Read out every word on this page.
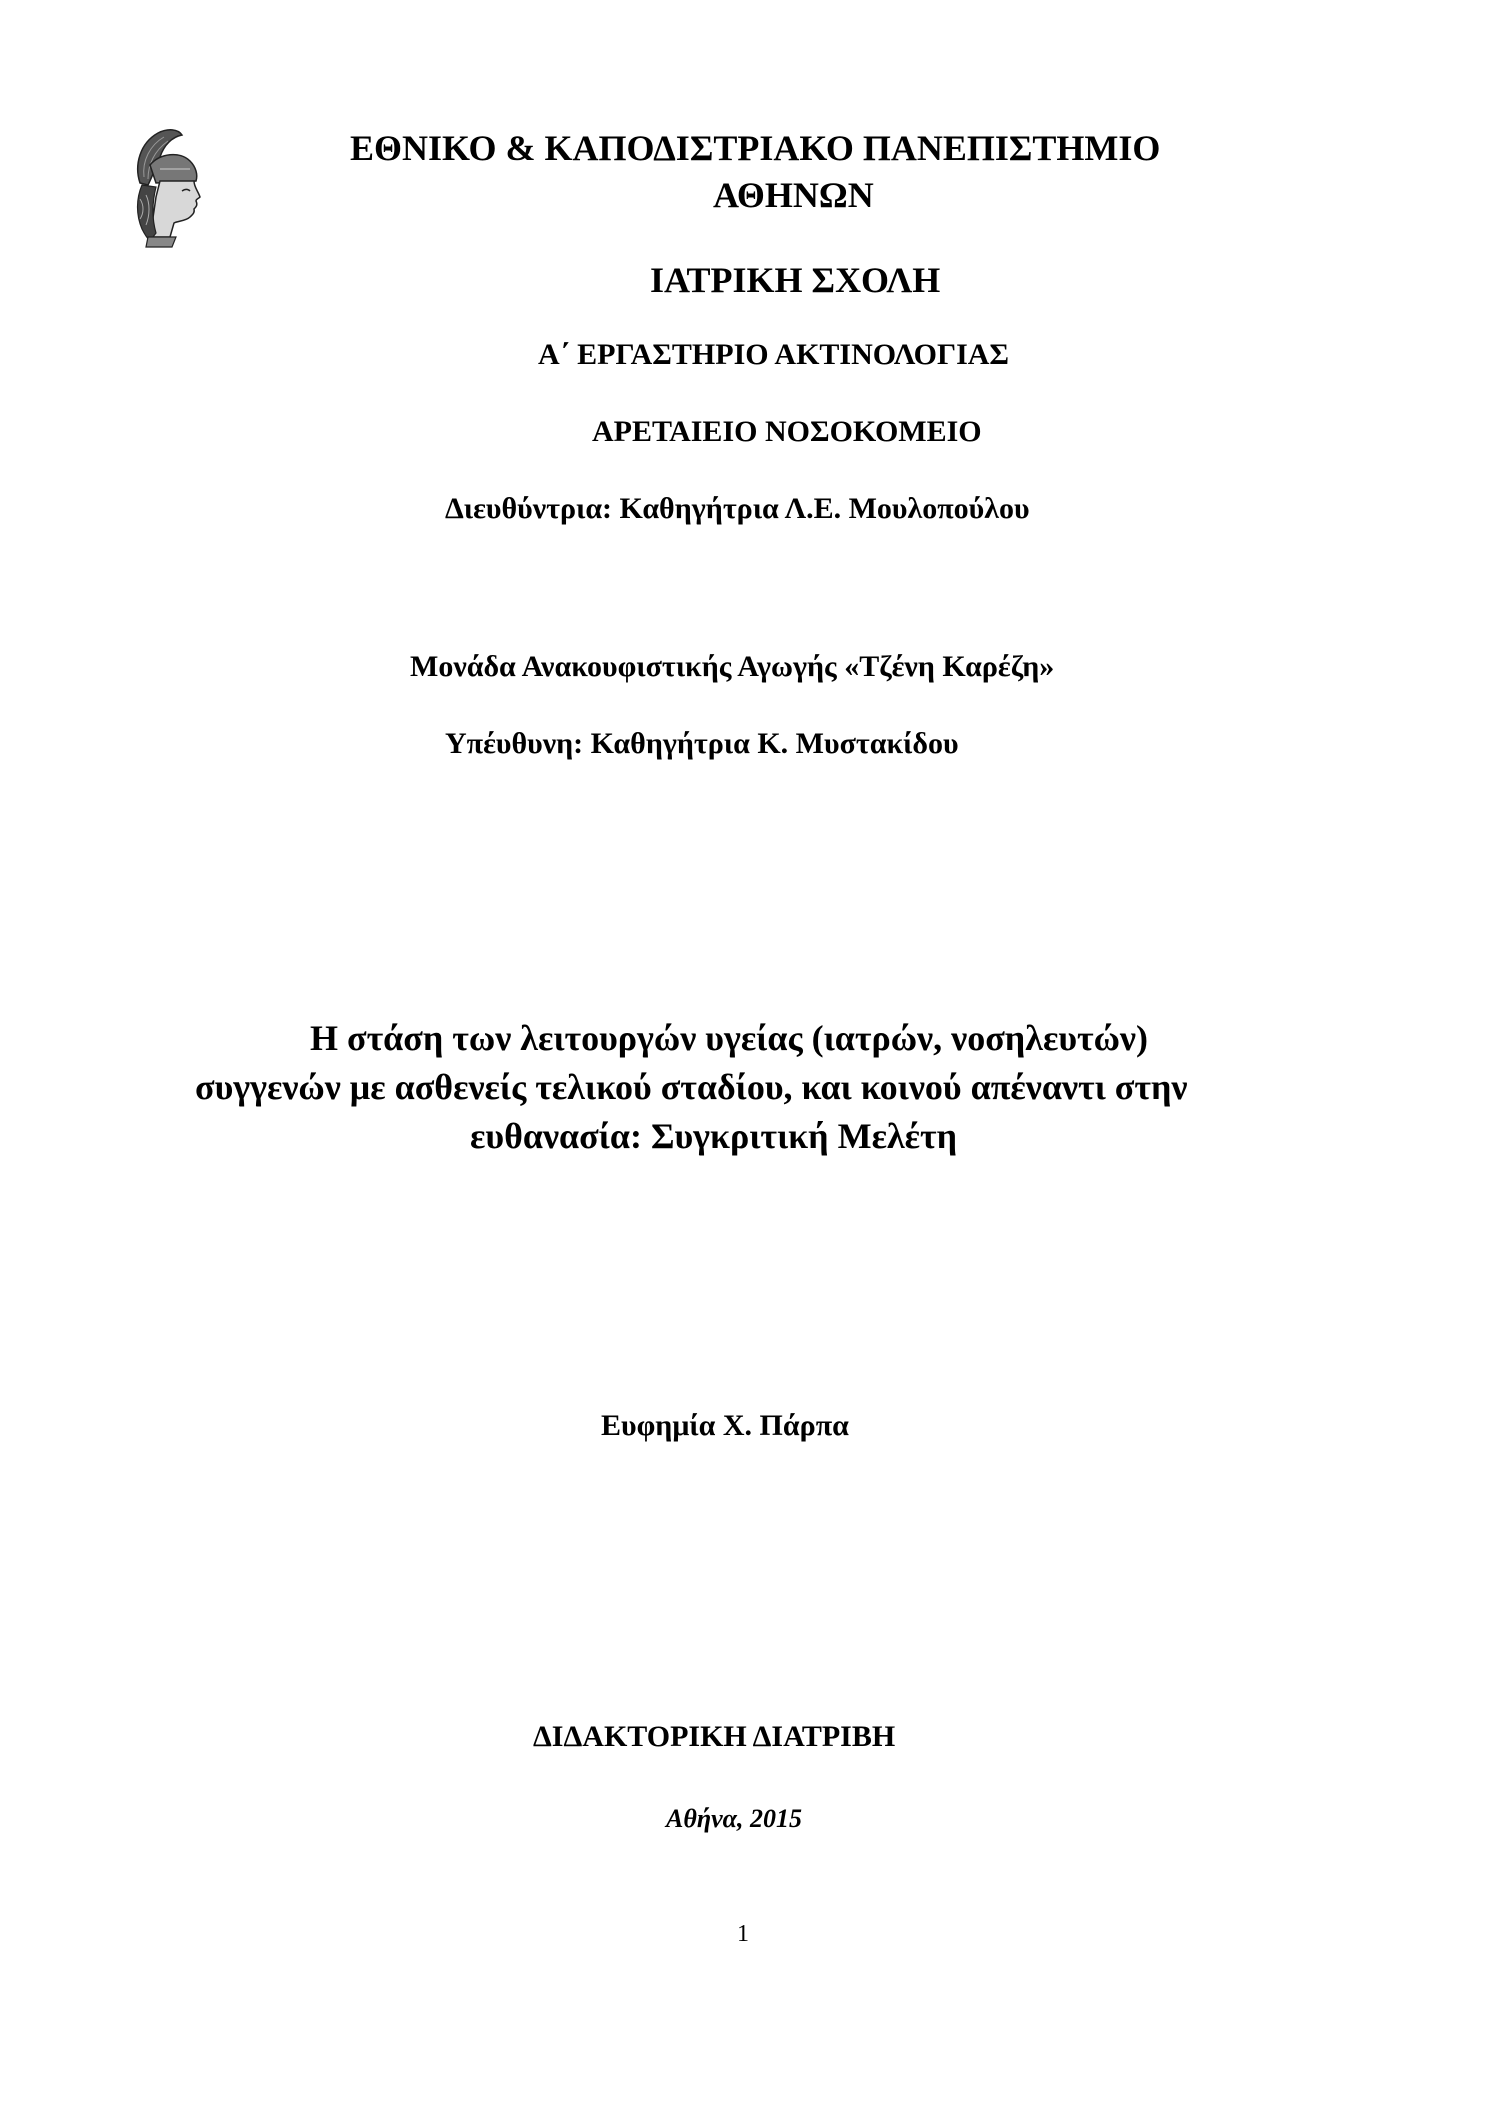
ΕΘΝΙΚΟ & ΚΑΠΟΔΙΣΤΡΙΑΚΟ ΠΑΝΕΠΙΣΤΗΜΙΟ
ΑΘΗΝΩΝ
ΙΑΤΡΙΚΗ ΣΧΟΛΗ
Α΄ ΕΡΓΑΣΤΗΡΙΟ ΑΚΤΙΝΟΛΟΓΙΑΣ
ΑΡΕΤΑΙΕΙΟ ΝΟΣΟΚΟΜΕΙΟ
Διευθύντρια: Καθηγήτρια Λ.Ε. Μουλοπούλου
Μονάδα Ανακουφιστικής Αγωγής «Τζένη Καρέζη»
Υπέυθυνη: Καθηγήτρια Κ. Μυστακίδου
Η στάση των λειτουργών υγείας (ιατρών, νοσηλευτών)
συγγενών με ασθενείς τελικού σταδίου, και κοινού απέναντι στην
ευθανασία: Συγκριτική Μελέτη
Ευφημία Χ. Πάρπα
ΔΙΔΑΚΤΟΡΙΚΗ ΔΙΑΤΡΙΒΗ
Αθήνα, 2015
1
